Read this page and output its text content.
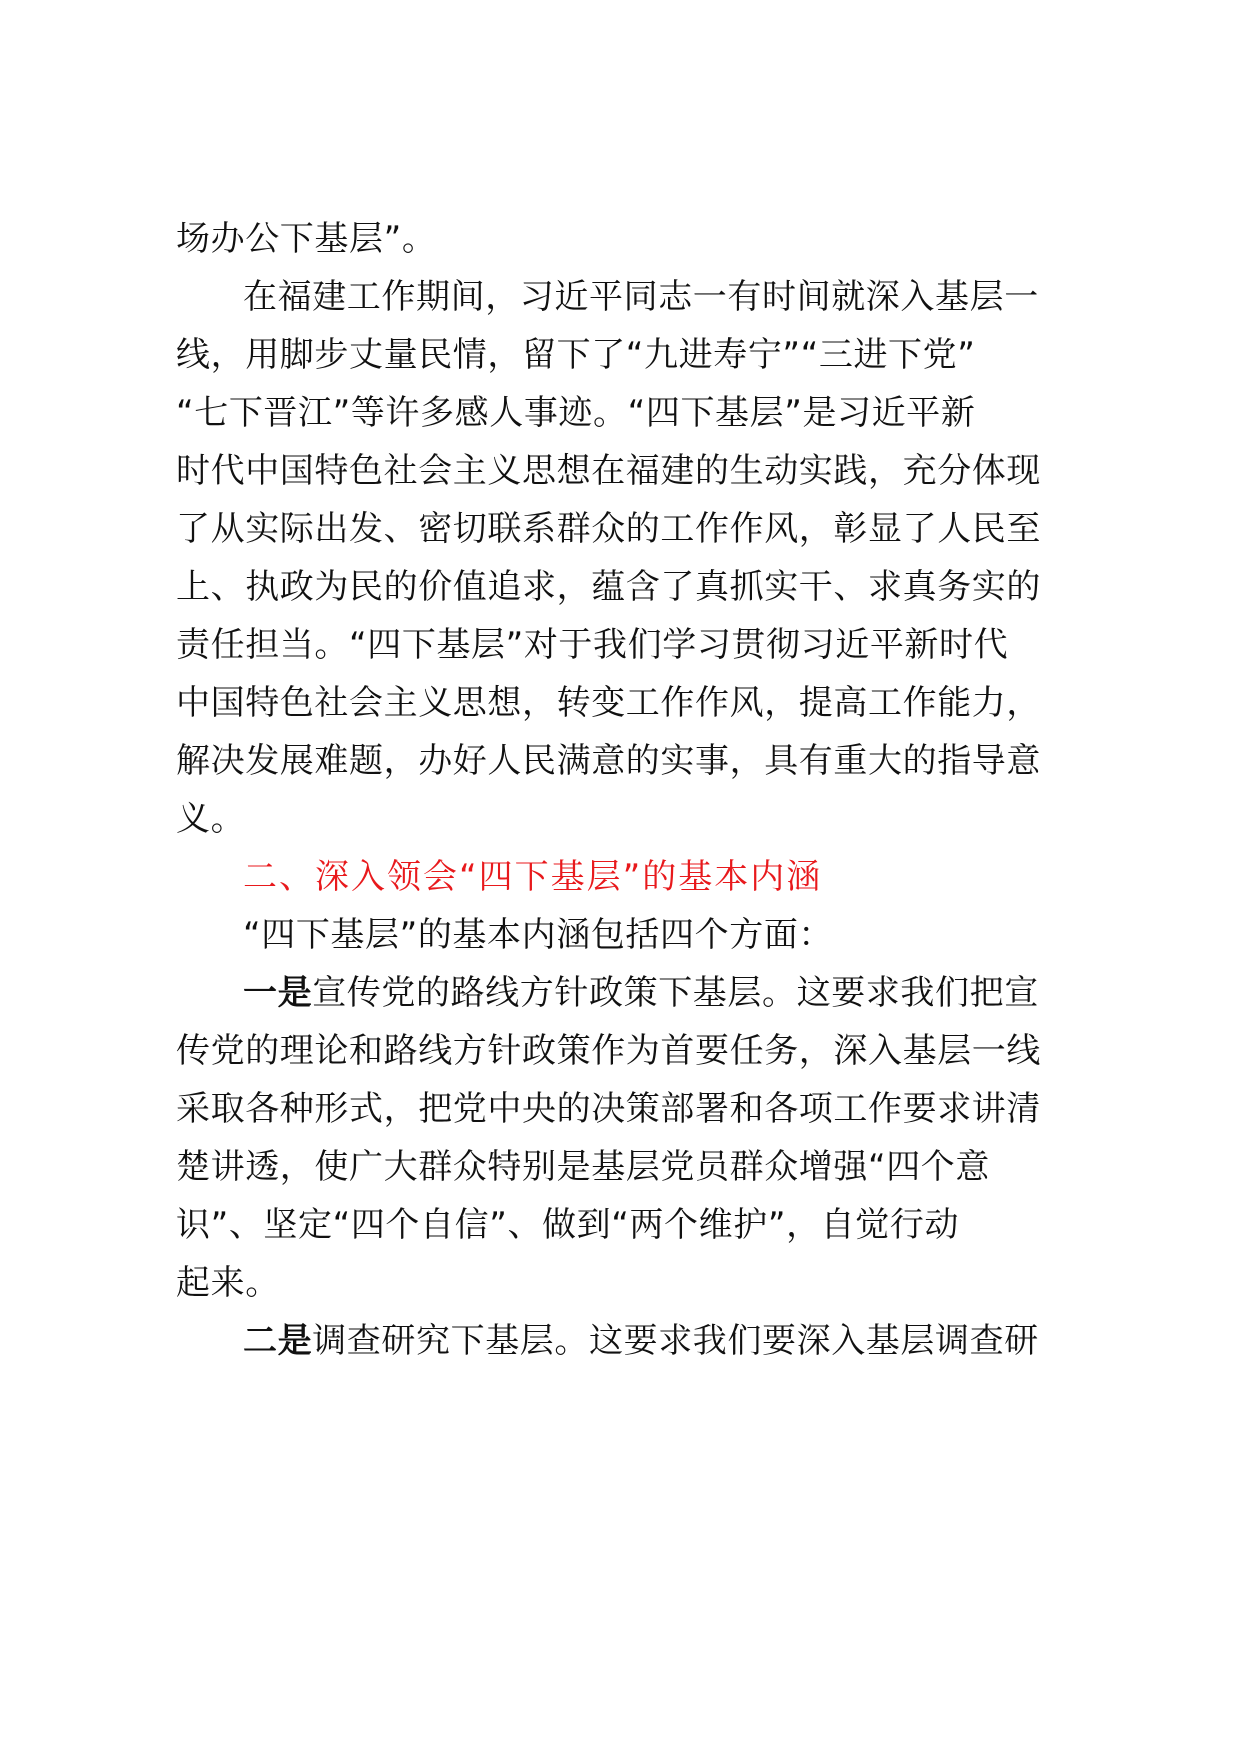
场办公下基层”。
在福建工作期间，习近平同志一有时间就深入基层一
线，用脚步丈量民情，留下了“九进寿宁”“三进下党”
“七下晋江”等许多感人事迹。“四下基层”是习近平新
时代中国特色社会主义思想在福建的生动实践，充分体现
了从实际出发、密切联系群众的工作作风，彰显了人民至
上、执政为民的价值追求，蕴含了真抓实干、求真务实的
责任担当。“四下基层”对于我们学习贯彻习近平新时代
中国特色社会主义思想，转变工作作风，提高工作能力，
解决发展难题，办好人民满意的实事，具有重大的指导意
义。
二、深入领会“四下基层”的基本内涵
“四下基层”的基本内涵包括四个方面：
一是宣传党的路线方针政策下基层。这要求我们把宣
传党的理论和路线方针政策作为首要任务，深入基层一线
采取各种形式，把党中央的决策部署和各项工作要求讲清
楚讲透，使广大群众特别是基层党员群众增强“四个意
识”、坚定“四个自信”、做到“两个维护”，自觉行动
起来。
二是调查研究下基层。这要求我们要深入基层调查研
